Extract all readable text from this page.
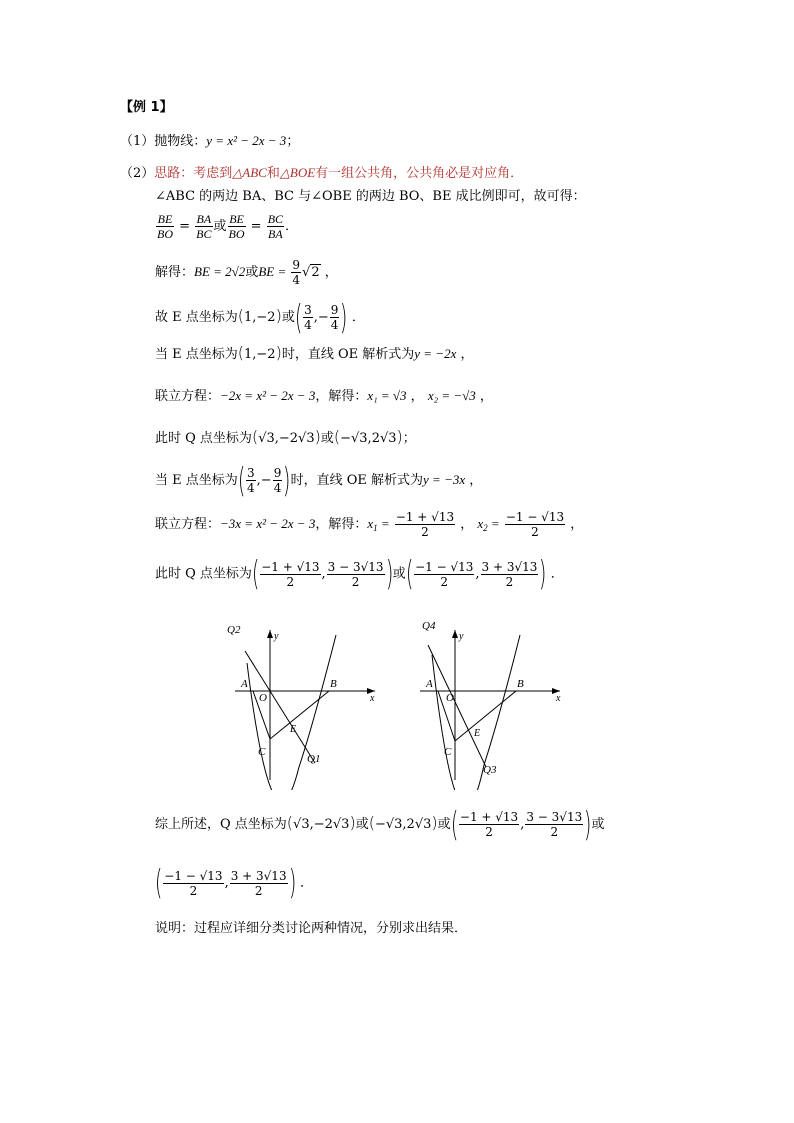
【例 1】
（1）抛物线：y = x² − 2x − 3；
（2）思路：考虑到△ABC和△BOE有一组公共角，公共角必是对应角．
∠ABC 的两边 BA、BC 与∠OBE 的两边 BO、BE 成比例即可，故可得：
$\frac{BE}{BO} = \frac{BA}{BC}$ 或 $\frac{BE}{BO} = \frac{BC}{BA}$ ．
解得：BE = 2√2或BE = $\frac{9}{4} √2$ ，
故 E 点坐标为(1,−2)或( $\frac{3}{4}$ ,− $\frac{9}{4}$ ) ．
当 E 点坐标为(1,−2)时，直线 OE 解析式为y = −2x ，
联立方程：−2x = x² − 2x − 3，解得：x₁ = √3 ， x₂ = −√3 ，
此时 Q 点坐标为(√3,−2√3)或(−√3,2√3)；
当 E 点坐标为( $\frac{3}{4}$ ,− $\frac{9}{4}$ )时，直线 OE 解析式为y = −3x ，
联立方程：−3x = x² − 2x − 3，解得：$x_1 = \frac{-1 + √13}{2}$ ， $x_2 = \frac{-1 - √13}{2}$ ，
此时 Q 点坐标为( $\frac{-1 + √13}{2}$ , $\frac{3 - 3√13}{2}$ )或( $\frac{-1 - √13}{2}$ , $\frac{3 + 3√13}{2}$ ) ．
Q2
y
A
O
B
x
E
C
Q1
Q4
y
A
O
B
x
E
C
Q3
综上所述，Q 点坐标为(√3,−2√3)或(−√3,2√3)或( $\frac{-1 + √13}{2}$ , $\frac{3 - 3√13}{2}$ )或
( $\frac{-1 - √13}{2}$ , $\frac{3 + 3√13}{2}$ ) ．
说明：过程应详细分类讨论两种情况，分别求出结果．
